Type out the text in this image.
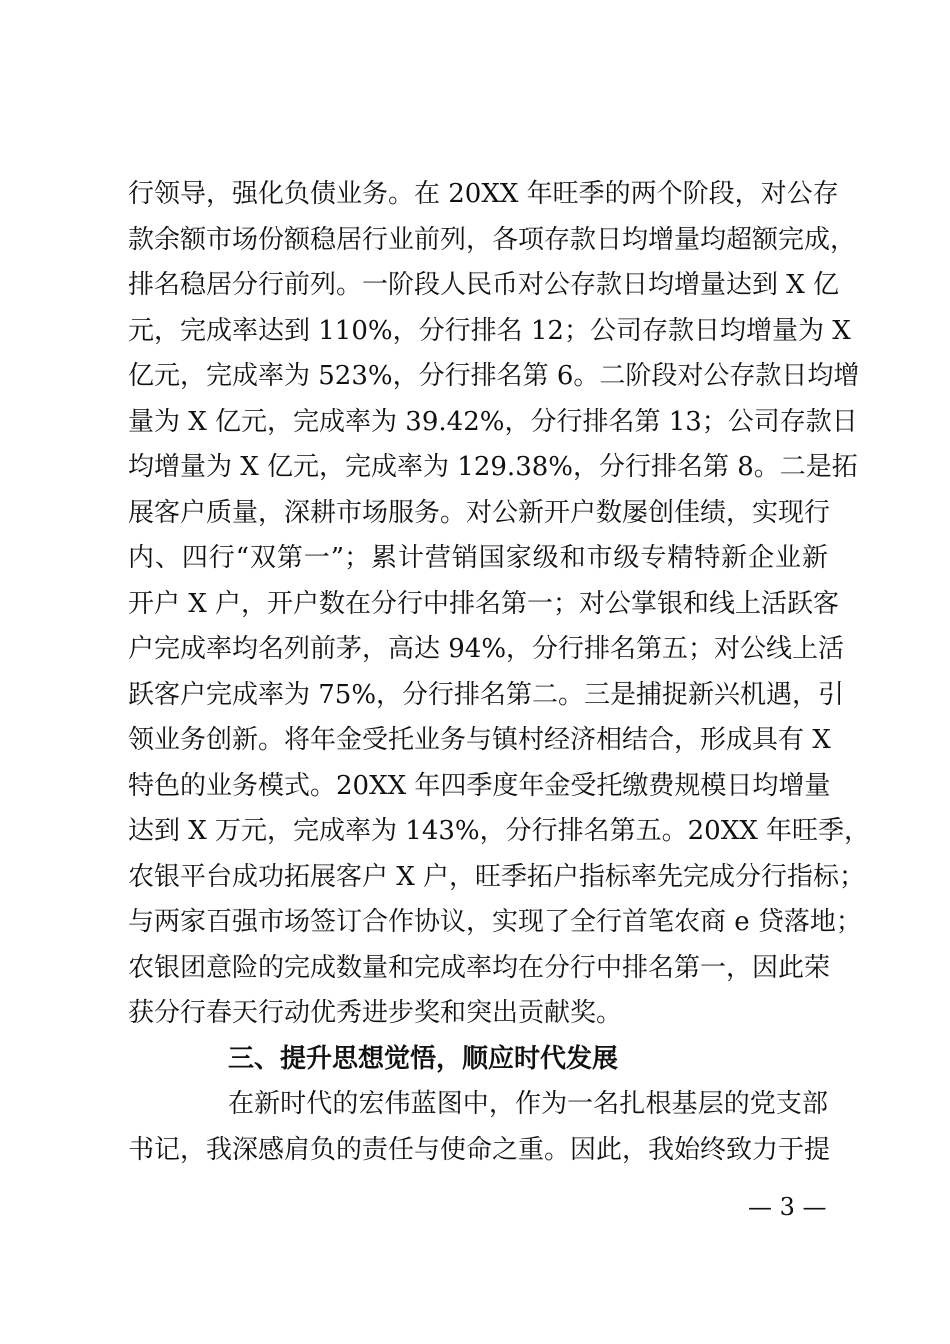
行领导，强化负债业务。在 20XX 年旺季的两个阶段，对公存
款余额市场份额稳居行业前列，各项存款日均增量均超额完成，
排名稳居分行前列。一阶段人民币对公存款日均增量达到 X 亿
元，完成率达到 110%，分行排名 12；公司存款日均增量为 X
亿元，完成率为 523%，分行排名第 6。二阶段对公存款日均增
量为 X 亿元，完成率为 39.42%，分行排名第 13；公司存款日
均增量为 X 亿元，完成率为 129.38%，分行排名第 8。二是拓
展客户质量，深耕市场服务。对公新开户数屡创佳绩，实现行
内、四行“双第一”；累计营销国家级和市级专精特新企业新
开户 X 户，开户数在分行中排名第一；对公掌银和线上活跃客
户完成率均名列前茅，高达 94%，分行排名第五；对公线上活
跃客户完成率为 75%，分行排名第二。三是捕捉新兴机遇，引
领业务创新。将年金受托业务与镇村经济相结合，形成具有 X
特色的业务模式。20XX 年四季度年金受托缴费规模日均增量
达到 X 万元，完成率为 143%，分行排名第五。20XX 年旺季，
农银平台成功拓展客户 X 户，旺季拓户指标率先完成分行指标；
与两家百强市场签订合作协议，实现了全行首笔农商 e 贷落地；
农银团意险的完成数量和完成率均在分行中排名第一，因此荣
获分行春天行动优秀进步奖和突出贡献奖。
三、提升思想觉悟，顺应时代发展
在新时代的宏伟蓝图中，作为一名扎根基层的党支部
书记，我深感肩负的责任与使命之重。因此，我始终致力于提
— 3 —
